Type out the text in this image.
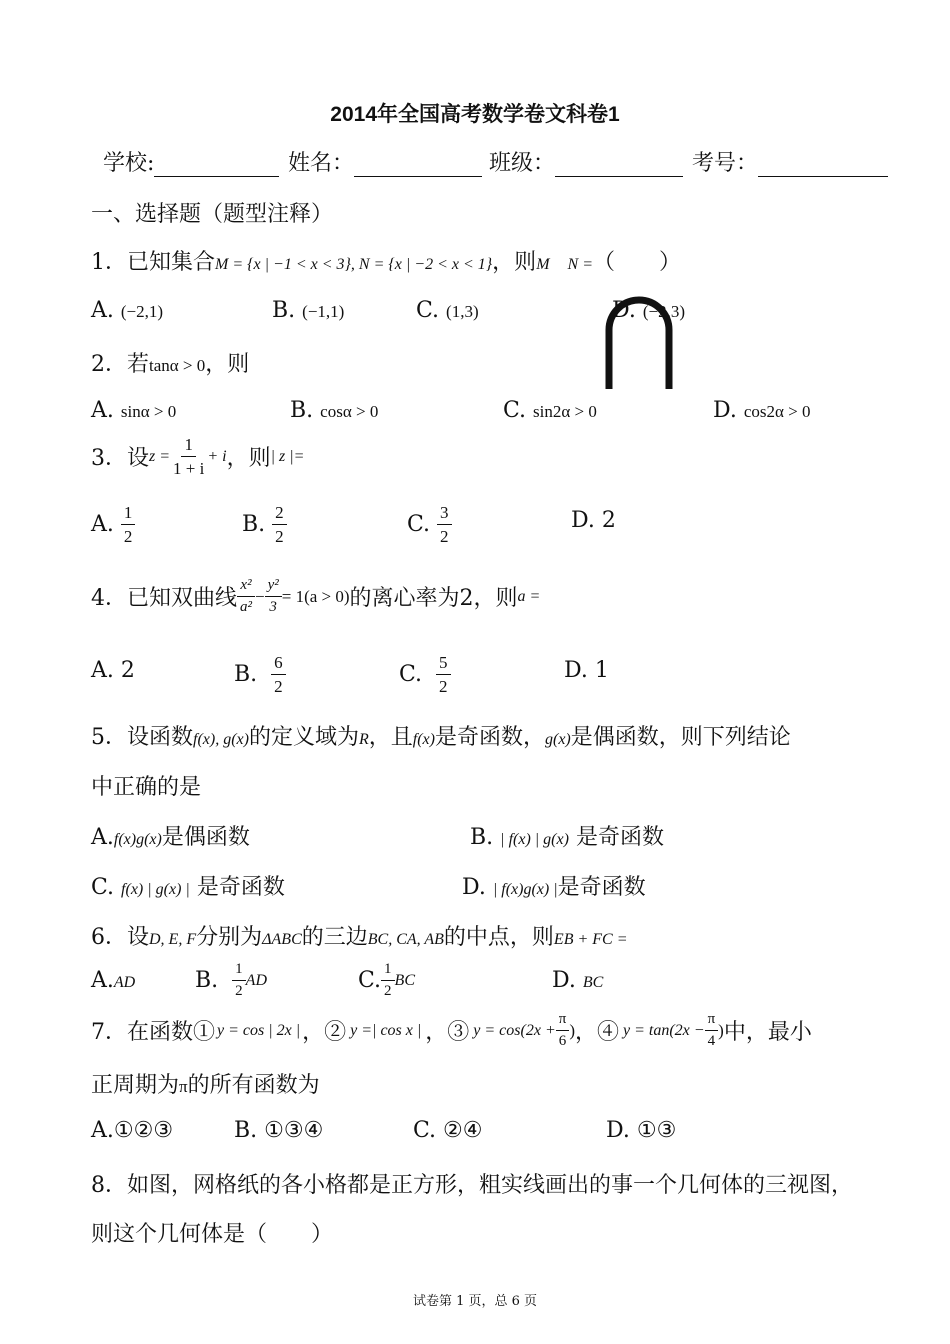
2014年全国高考数学卷文科卷1
学校:	姓名：	班级：	考号：
一、选择题（题型注释）
1．已知集合M = {x | −1 < x < 3}, N = {x | −2 < x < 1}，则M N =（　　）
A. (−2,1)	B. (−1,1)	C. (1,3)	D. (−2,3)
2．若tanα > 0，则
A. sinα > 0	B. cosα > 0	C. sin2α > 0	D. cos2α > 0
3．设 $z = \frac{1}{1 + i} + i$ ，则 | z |=
A.
$\frac{1}{2}$	B.
$\frac{2}{2}$	C.
$\frac{3}{2}$	D. 2
4．已知双曲线 $\frac{\text{x²}}{\text{a²}} - \frac{\text{y²}}{3} = 1(a > 0)$ 的离心率为2，则 a =
A. 2	B.
$\frac{6}{2}$	C.
$\frac{5}{2}$	D. 1
5．设函数f(x), g(x)的定义域为R，且f(x)是奇函数，g(x)是偶函数，则下列结论
中正确的是
A.f(x)g(x)是偶函数	B. | f(x) | g(x) 是奇函数
C. f(x) | g(x) | 是奇函数	D. | f(x)g(x) |是奇函数
6．设D, E, F分别为ΔABC的三边BC, CA, AB的中点，则EB + FC =
A.AD	B.
$\frac{1}{2}$ AD	C. $\frac{1}{2}$ BC	D. BC
7．在函数① y = cos | 2x | ，② y =| cos x | ，③ $y = \cos(2x + \frac{\pi}{6}$ ) ，④ $y = \tan(2x - \frac{\pi}{4}$ ) 中，最小
正周期为π的所有函数为
A.①②③	B. ①③④	C. ②④	D. ①③
8．如图，网格纸的各小格都是正方形，粗实线画出的事一个几何体的三视图，
则这个几何体是（　　）
试卷第 1 页，总 6 页
